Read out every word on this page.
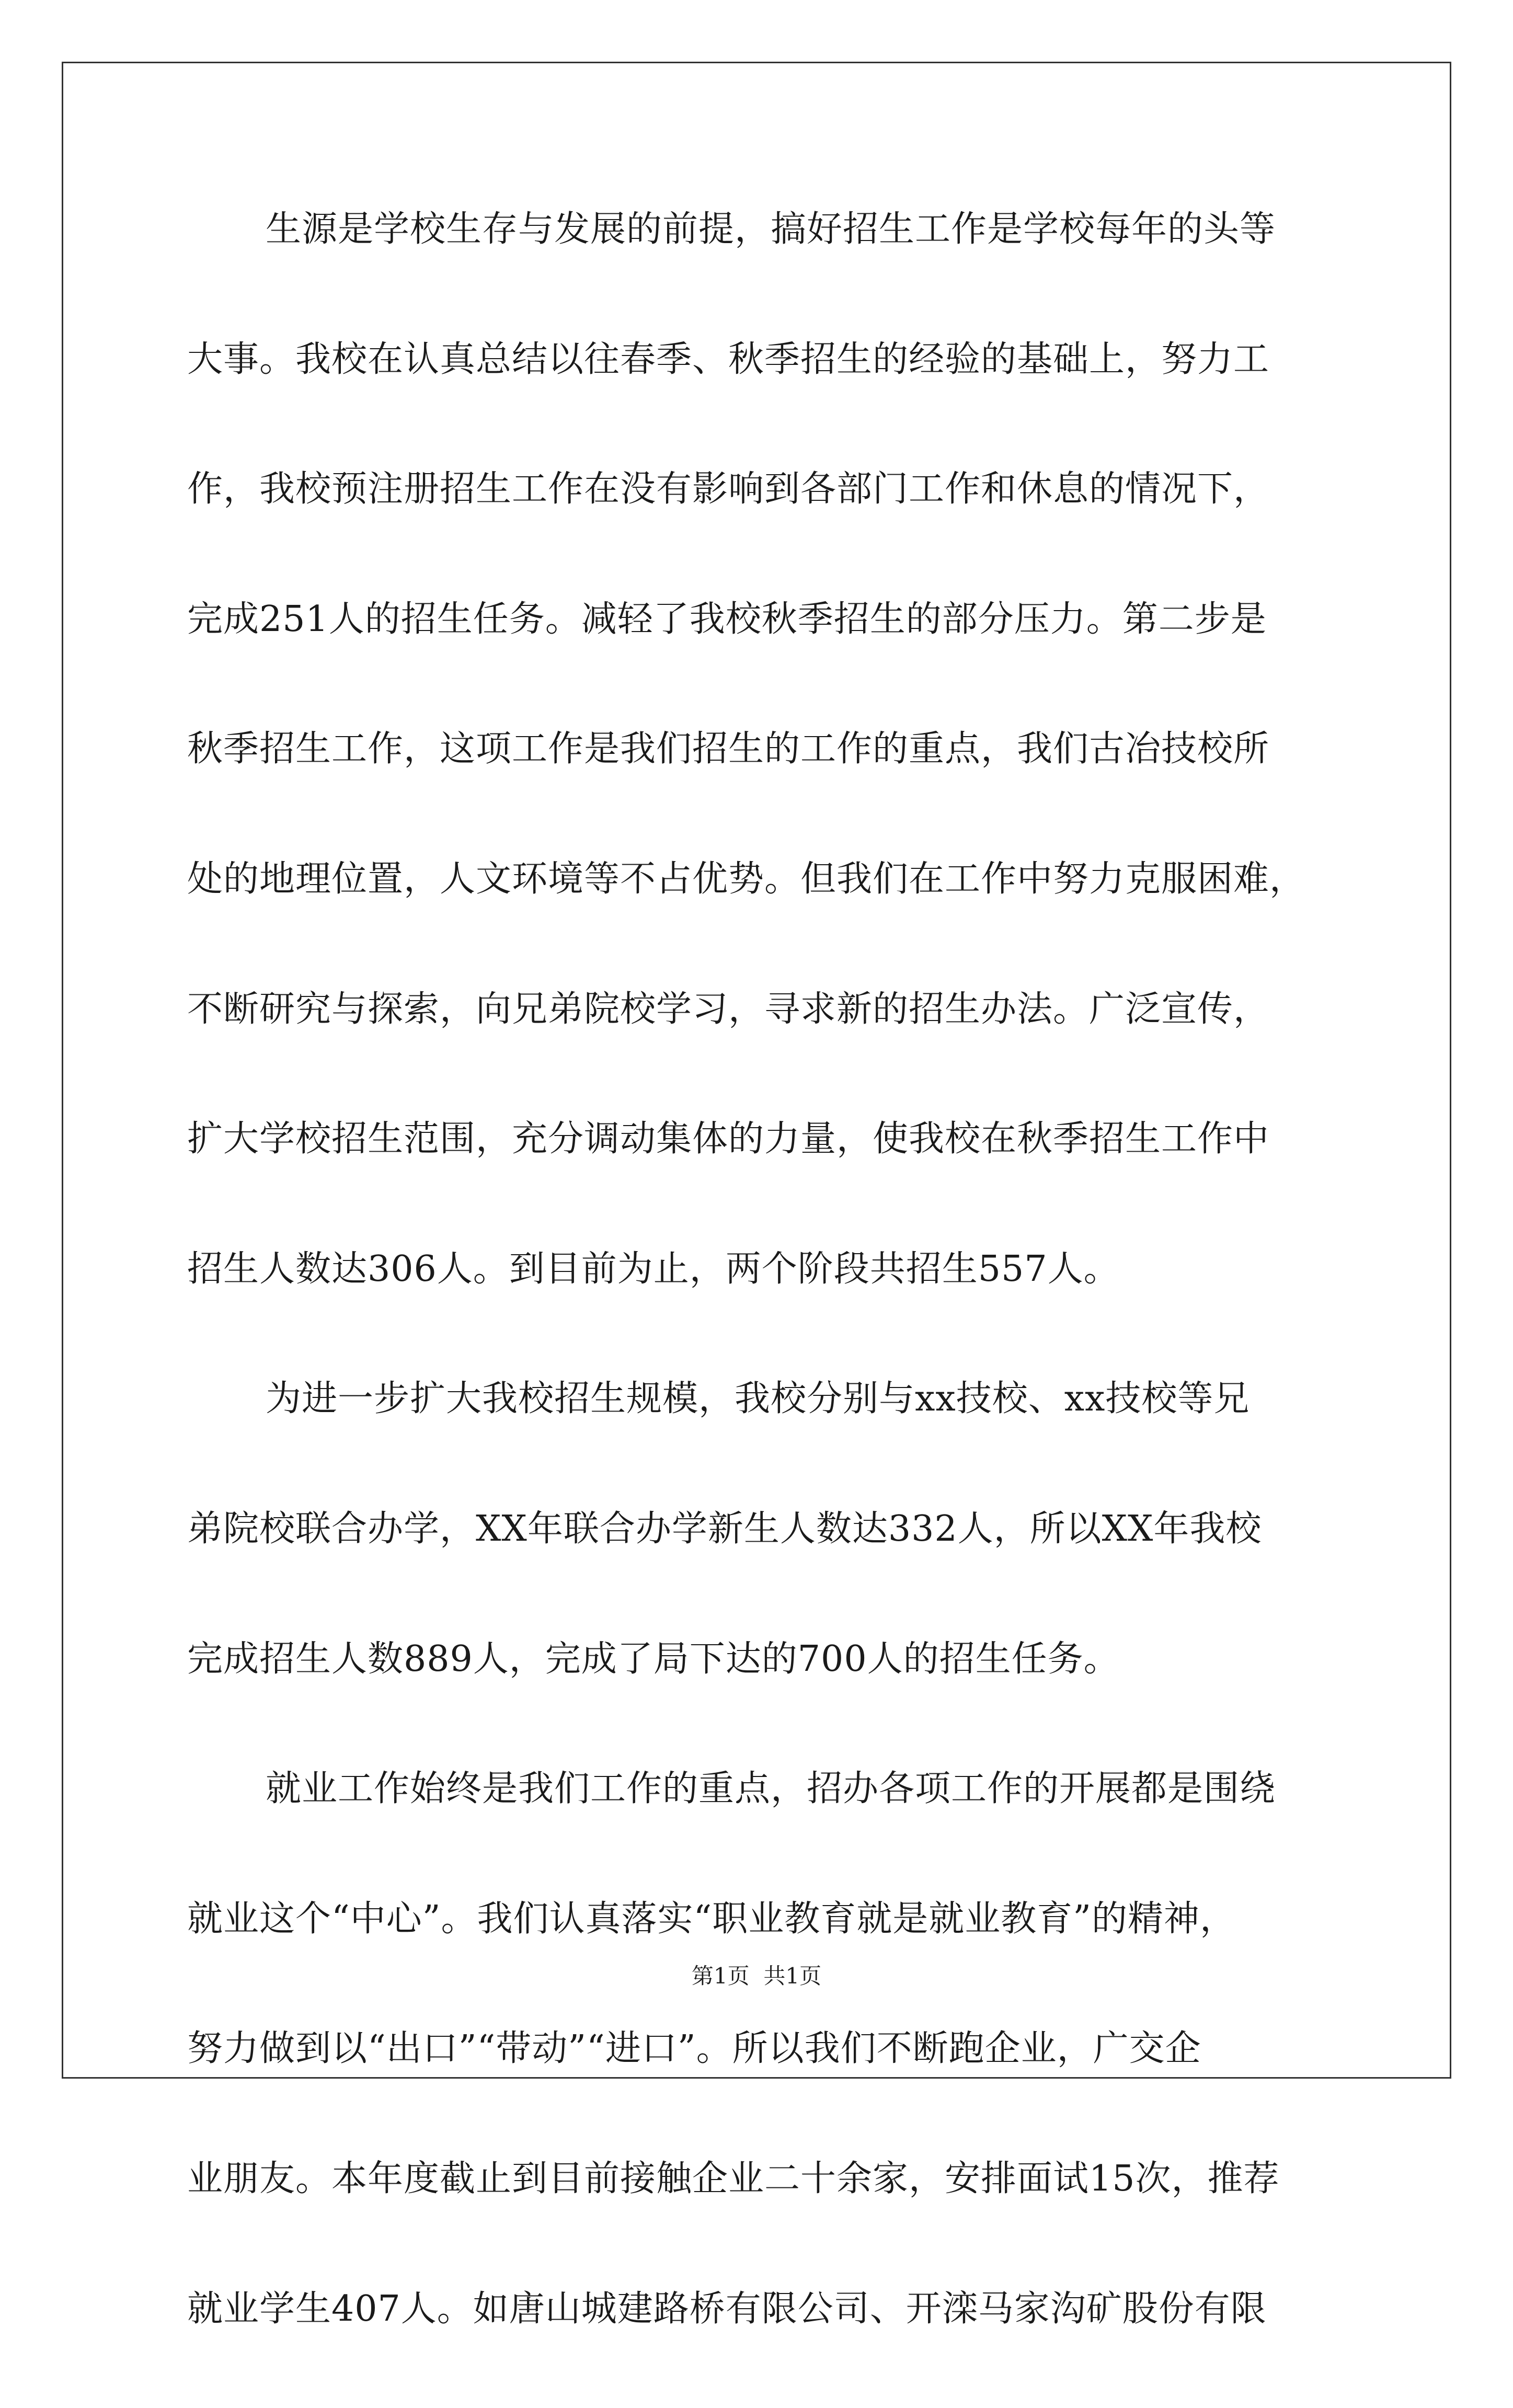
生源是学校生存与发展的前提，搞好招生工作是学校每年的头等
大事。我校在认真总结以往春季、秋季招生的经验的基础上，努力工
作，我校预注册招生工作在没有影响到各部门工作和休息的情况下，
完成251人的招生任务。减轻了我校秋季招生的部分压力。第二步是
秋季招生工作，这项工作是我们招生的工作的重点，我们古冶技校所
处的地理位置，人文环境等不占优势。但我们在工作中努力克服困难，
不断研究与探索，向兄弟院校学习，寻求新的招生办法。广泛宣传，
扩大学校招生范围，充分调动集体的力量，使我校在秋季招生工作中
招生人数达306人。到目前为止，两个阶段共招生557人。
为进一步扩大我校招生规模，我校分别与xx技校、xx技校等兄
弟院校联合办学，XX年联合办学新生人数达332人，所以XX年我校
完成招生人数889人，完成了局下达的700人的招生任务。
就业工作始终是我们工作的重点，招办各项工作的开展都是围绕
就业这个“中心”。我们认真落实“职业教育就是就业教育”的精神，
努力做到以“出口”“带动”“进口”。所以我们不断跑企业，广交企
业朋友。本年度截止到目前接触企业二十余家，安排面试15次，推荐
就业学生407人。如唐山城建路桥有限公司、开滦马家沟矿股份有限
第1页  共1页
